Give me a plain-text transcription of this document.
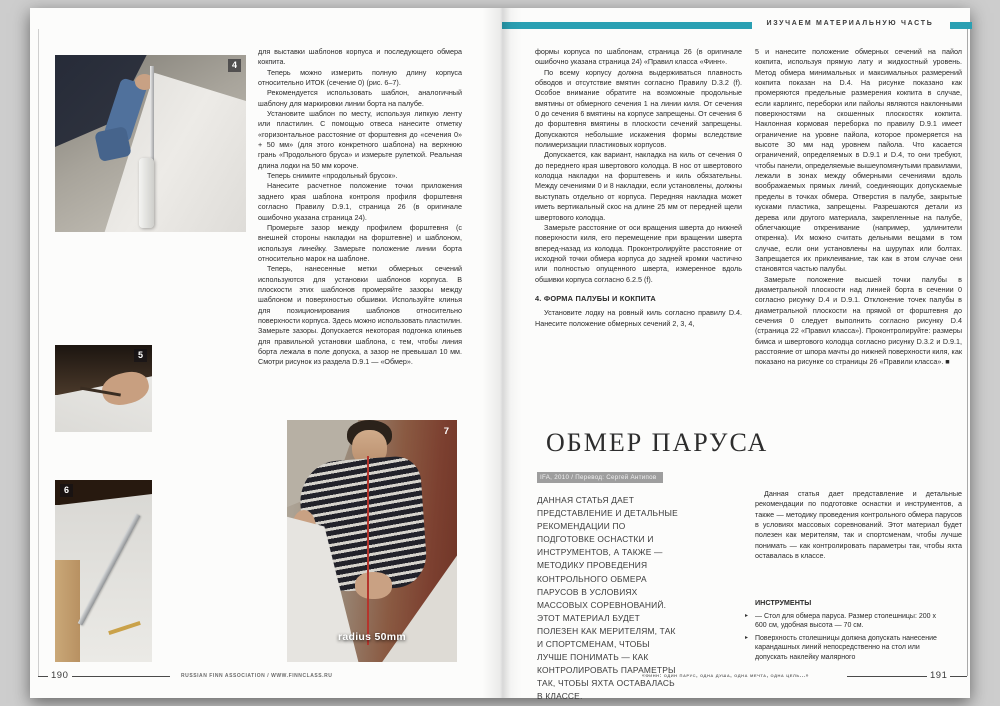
ИЗУЧАЕМ МАТЕРИАЛЬНУЮ ЧАСТЬ
4
5
6
radius 50mm
7

для выставки шаблонов корпуса и последующего обмера кокпита.

Теперь можно измерить полную длину корпуса относительно ИТОК (сечение 0) (рис. 6–7).

Рекомендуется использовать шаблон, аналогичный шаблону для маркировки линии борта на палубе.

Установите шаблон по месту, используя липкую ленту или пластилин. С помощью отвеса нанесите отметку «горизонтальное расстояние от форштевня до «сечения 0» + 50 мм» (для этого конкретного шаблона) на верхнюю грань «Продольного бруса» и измерьте рулеткой. Реальная длина лодки на 50 мм короче.

Теперь снимите «продольный брусок».

Нанесите расчетное положение точки приложения заднего края шаблона контроля профиля форштевня согласно Правилу D.9.1, страница 26 (в оригинале ошибочно указана страница 24).

Промерьте зазор между профилем форштевня (с внешней стороны накладки на форштевне) и шаблоном, используя линейку. Замерьте положение линии борта относительно марок на шаблоне.

Теперь, нанесенные метки обмерных сечений используются для установки шаблонов корпуса. В плоскости этих шаблонов промеряйте зазоры между шаблоном и поверхностью обшивки. Используйте клинья для позиционирования шаблонов относительно поверхности корпуса. Здесь можно использовать пластилин. Замерьте зазоры. Допускается некоторая подгонка клиньев для правильной установки шаблона, с тем, чтобы линия борта лежала в поле допуска, а зазор не превышал 10 мм. Смотри рисунок из раздела D.9.1 — «Обмер».

190	RUSSIAN FINN ASSOCIATION / WWW.FINNCLASS.RU

формы корпуса по шаблонам, страница 26 (в оригинале ошибочно указана страница 24) «Правил класса «Финн».

По всему корпусу должна выдерживаться плавность обводов и отсутствие вмятин согласно Правилу D.3.2 (f). Особое внимание обратите на возможные продольные вмятины от обмерного сечения 1 на линии киля. От сечения 0 до сечения 6 вмятины на корпусе запрещены. От сечения 6 до форштевня вмятины в плоскости сечений запрещены. Допускаются небольшие искажения формы вследствие полимеризации пластиковых корпусов.

Допускается, как вариант, накладка на киль от сечения 0 до переднего края швертового колодца. В нос от швертового колодца накладки на форштевень и киль обязательны. Между сечениями 0 и 8 накладки, если установлены, должны выступать отдельно от корпуса. Передняя накладка может иметь вертикальный скос на длине 25 мм от передней щели швертового колодца.

Замерьте расстояние от оси вращения шверта до нижней поверхности киля, его перемещение при вращении шверта вперед-назад из колодца. Проконтролируйте расстояние от исходной точки обмера корпуса до задней кромки частично или полностью опущенного шверта, измеренное вдоль обшивки корпуса согласно 6.2.5 (f).

4. ФОРМА ПАЛУБЫ И КОКПИТА

Установите лодку на ровный киль согласно правилу D.4. Нанесите положение обмерных сечений 2, 3, 4,

5 и нанесите положение обмерных сечений на пайол кокпита, используя прямую лату и жидкостный уровень. Метод обмера минимальных и максимальных размерений кокпита показан на D.4. На рисунке показано как промеряются предельные размерения кокпита в случае, если карлингс, переборки или пайолы являются наклонными поверхностями на скошенных плоскостях кокпита. Наклонная кормовая переборка по правилу D.9.1 имеет ограничение на уровне пайола, которое промеряется на высоте 30 мм над уровнем пайола. Что касается ограничений, определяемых в D.9.1 и D.4, то они требуют, чтобы панели, определяемые вышеупомянутыми правилами, лежали в зонах между обмерными сечениями вдоль воображаемых прямых линий, соединяющих допускаемые пределы в точках обмера. Отверстия в палубе, закрытые кусками пластика, запрещены. Разрешаются детали из дерева или другого материала, закрепленные на палубе, облегчающие откренивание (например, удлинители откренка). Их можно считать дельными вещами в том случае, если они установлены на шурупах или болтах. Запрещается их приклеивание, так как в этом случае они становятся частью палубы.

Замерьте положение высшей точки палубы в диаметральной плоскости над линией борта в сечении 0 согласно рисунку D.4 и D.9.1. Отклонение точек палубы в диаметральной плоскости на прямой от форштевня до сечения 0 следует выполнить согласно рисунку D.4 (страница 22 «Правил класса»). Проконтролируйте: размеры бимса и швертового колодца согласно рисунку D.3.2 и D.9.1, расстояние от шпора мачты до нижней поверхности киля, как показано на рисунке со страницы 26 «Правили класса». ■

ОБМЕР ПАРУСА
IFA, 2010 / Перевод: Сергей Антипов
ДАННАЯ СТАТЬЯ ДАЕТ ПРЕДСТАВЛЕНИЕ И ДЕТАЛЬНЫЕ РЕКОМЕНДАЦИИ ПО ПОДГОТОВКЕ ОСНАСТКИ И ИНСТРУМЕНТОВ, А ТАКЖЕ — МЕТОДИКУ ПРОВЕДЕНИЯ КОНТРОЛЬНОГО ОБМЕРА ПАРУСОВ В УСЛОВИЯХ МАССОВЫХ СОРЕВНОВАНИЙ. ЭТОТ МАТЕРИАЛ БУДЕТ ПОЛЕЗЕН КАК МЕРИТЕЛЯМ, ТАК И СПОРТСМЕНАМ, ЧТОБЫ ЛУЧШЕ ПОНИМАТЬ — КАК КОНТРОЛИРОВАТЬ ПАРАМЕТРЫ ТАК, ЧТОБЫ ЯХТА ОСТАВАЛАСЬ В КЛАССЕ.

Данная статья дает представление и детальные рекомендации по подготовке оснастки и инструментов, а также — методику проведения контрольного обмера парусов в условиях массовых соревнований. Этот материал будет полезен как мерителям, так и спортсменам, чтобы лучше понимать — как контролировать параметры так, чтобы яхта оставалась в классе.

ИНСТРУМЕНТЫ
▸ — Стол для обмера паруса. Размер столешницы: 200 x 600 см, удобная высота — 70 см.
▸ Поверхность столешницы должна допускать нанесение карандашных линий непосредственно на стол или допускать наклейку малярного
«финн: один парус, одна душа, одна мечта, одна цель...»	191
